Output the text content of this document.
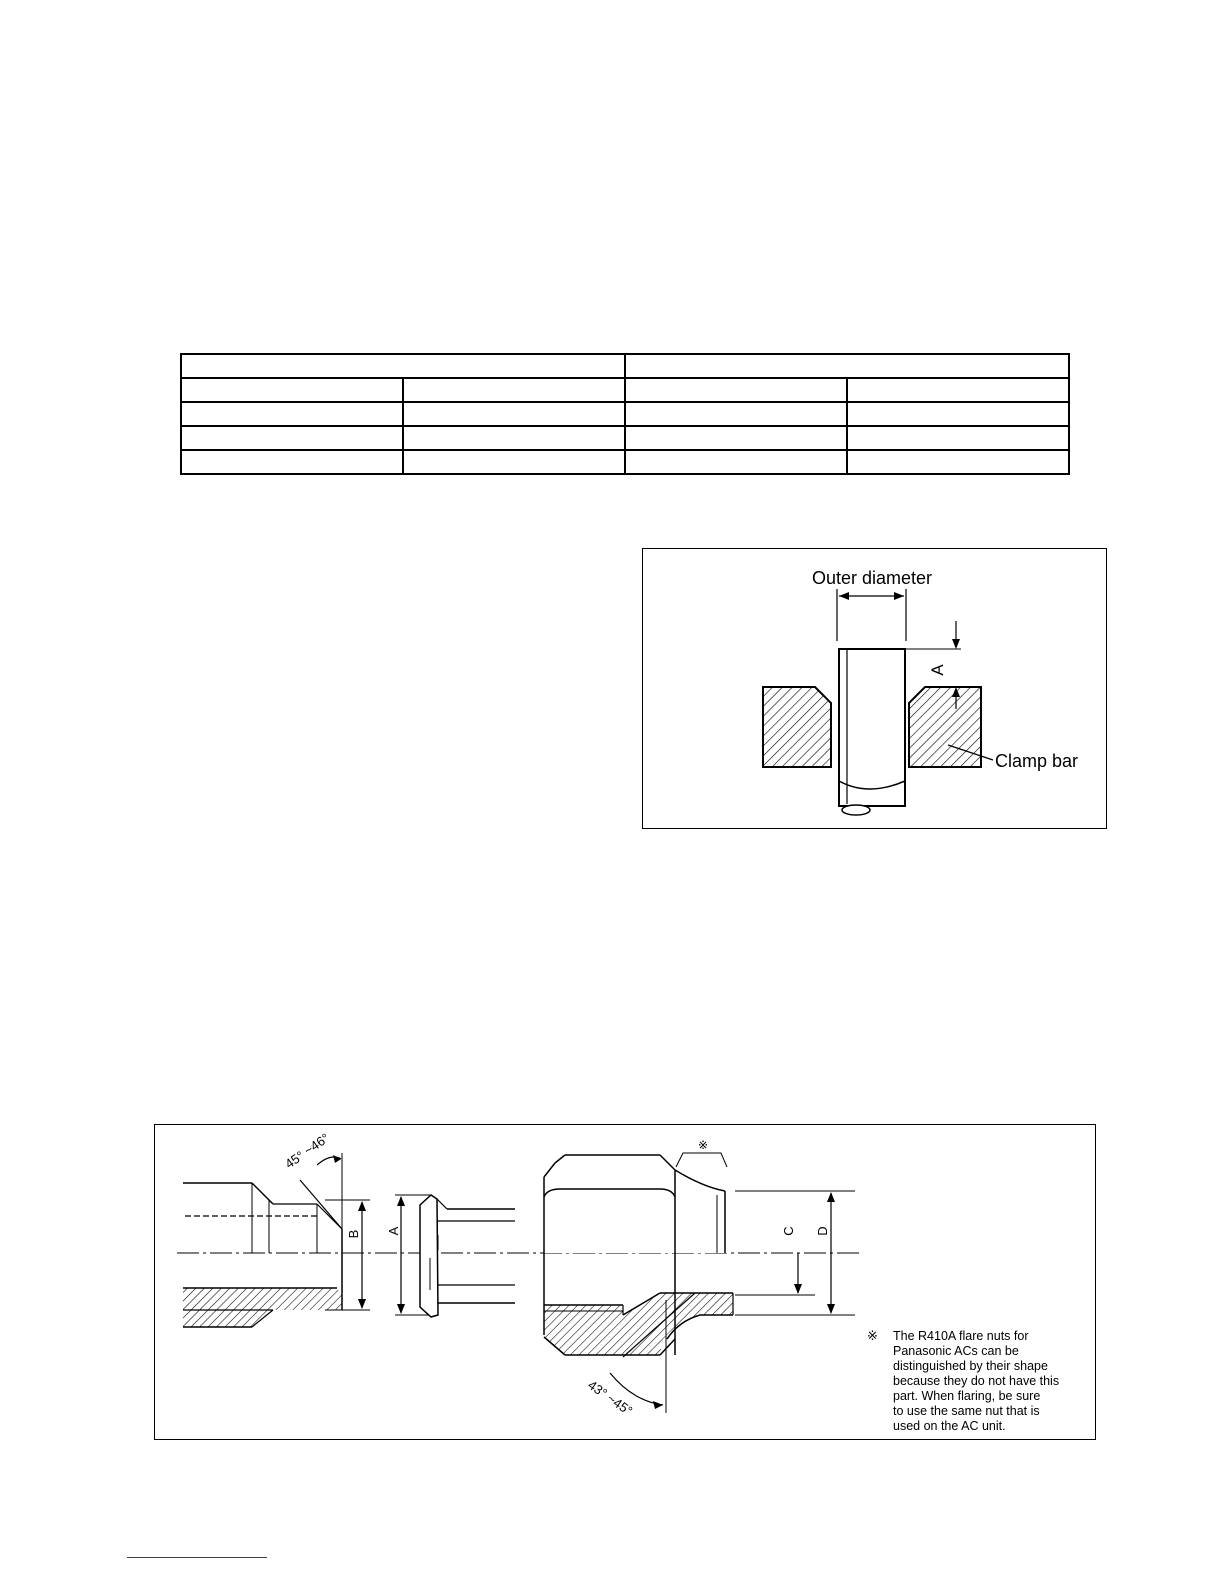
Outer diameter
A
Clamp bar
45° ~46°
B A
43° ~45°
※
C D
※ The R410A flare nuts for Panasonic ACs can be distinguished by their shape because they do not have this part. When flaring, be sure to use the same nut that is used on the AC unit.
